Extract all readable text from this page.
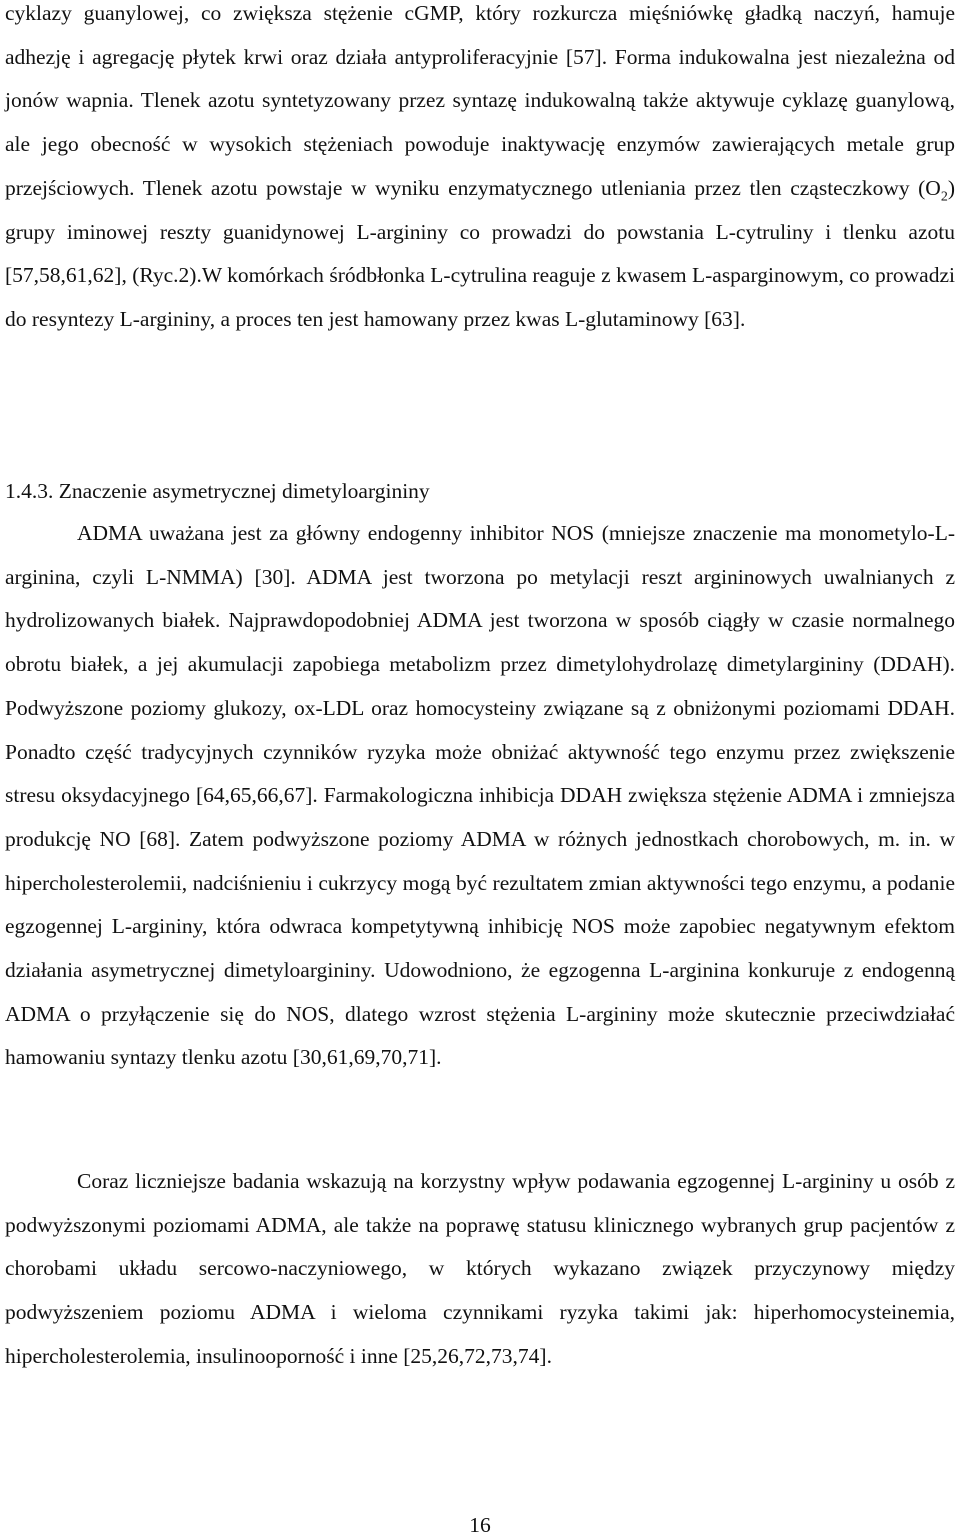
cyklazy guanylowej, co zwiększa stężenie cGMP, który rozkurcza mięśniówkę gładką naczyń, hamuje adhezję i agregację płytek krwi oraz działa antyproliferacyjnie [57]. Forma indukowalna jest niezależna od jonów wapnia. Tlenek azotu syntetyzowany przez syntazę indukowalną także aktywuje cyklazę guanylową, ale jego obecność w wysokich stężeniach powoduje inaktywację enzymów zawierających metale grup przejściowych. Tlenek azotu powstaje w wyniku enzymatycznego utleniania przez tlen cząsteczkowy $(O_2)$ grupy iminowej reszty guanidynowej L-argininy co prowadzi do powstania L-cytruliny i tlenku azotu [57,58,61,62], (Ryc.2).W komórkach śródbłonka L-cytrulina reaguje z kwasem L-asparginowym, co prowadzi do resyntezy L-argininy, a proces ten jest hamowany przez kwas L-glutaminowy [63].

1.4.3. Znaczenie asymetrycznej dimetyloargininy

ADMA uważana jest za główny endogenny inhibitor NOS (mniejsze znaczenie ma monometylo-L-arginina, czyli L-NMMA) [30]. ADMA jest tworzona po metylacji reszt argininowych uwalnianych z hydrolizowanych białek. Najprawdopodobniej ADMA jest tworzona w sposób ciągły w czasie normalnego obrotu białek, a jej akumulacji zapobiega metabolizm przez dimetylohydrolazę dimetylargininy (DDAH). Podwyższone poziomy glukozy, ox-LDL oraz homocysteiny związane są z obniżonymi poziomami DDAH. Ponadto część tradycyjnych czynników ryzyka może obniżać aktywność tego enzymu przez zwiększenie stresu oksydacyjnego [64,65,66,67]. Farmakologiczna inhibicja DDAH zwiększa stężenie ADMA i zmniejsza produkcję NO [68]. Zatem podwyższone poziomy ADMA w różnych jednostkach chorobowych, m. in. w hipercholesterolemii, nadciśnieniu i cukrzycy mogą być rezultatem zmian aktywności tego enzymu, a podanie egzogennej L-argininy, która odwraca kompetytywną inhibicję NOS może zapobiec negatywnym efektom działania asymetrycznej dimetyloargininy. Udowodniono, że egzogenna L-arginina konkuruje z endogenną ADMA o przyłączenie się do NOS, dlatego wzrost stężenia L-argininy może skutecznie przeciwdziałać hamowaniu syntazy tlenku azotu [30,61,69,70,71].

Coraz liczniejsze badania wskazują na korzystny wpływ podawania egzogennej L-argininy u osób z podwyższonymi poziomami ADMA, ale także na poprawę statusu klinicznego wybranych grup pacjentów z chorobami układu sercowo-naczyniowego, w których wykazano związek przyczynowy między podwyższeniem poziomu ADMA i wieloma czynnikami ryzyka takimi jak: hiperhomocysteinemia, hipercholesterolemia, insulinooporność i inne [25,26,72,73,74].

16
